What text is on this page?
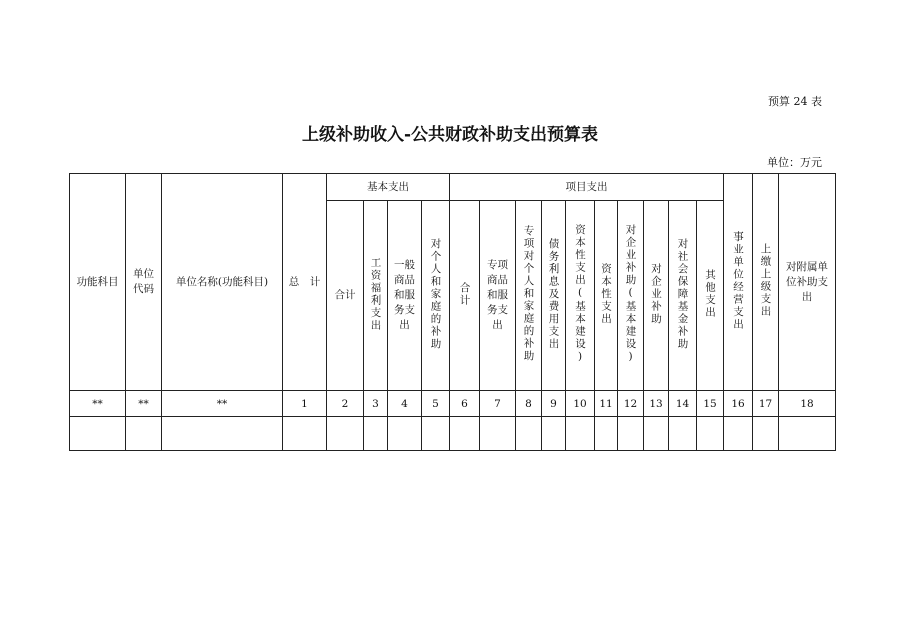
预算 24 表
上级补助收入-公共财政补助支出预算表
单位：万元
功能科目	单位代码	单位名称(功能科目)	总　计	基本支出				项目支出										事业单位经营支出	上缴上级支出	对附属单位补助支出

				合计	工资福利支出	一般商品和服务支出	对个人和家庭的补助	合计	专项商品和服务支出	专项对个人和家庭的补助	债务利息及费用支出	资本性支出(基本建设)	资本性支出	对企业补助(基本建设)	对企业补助	对社会保障基金补助	其他支出			
**	**	**	1	2	3	4	5	6	7	8	9	10	11	12	13	14	15	16	17	18
